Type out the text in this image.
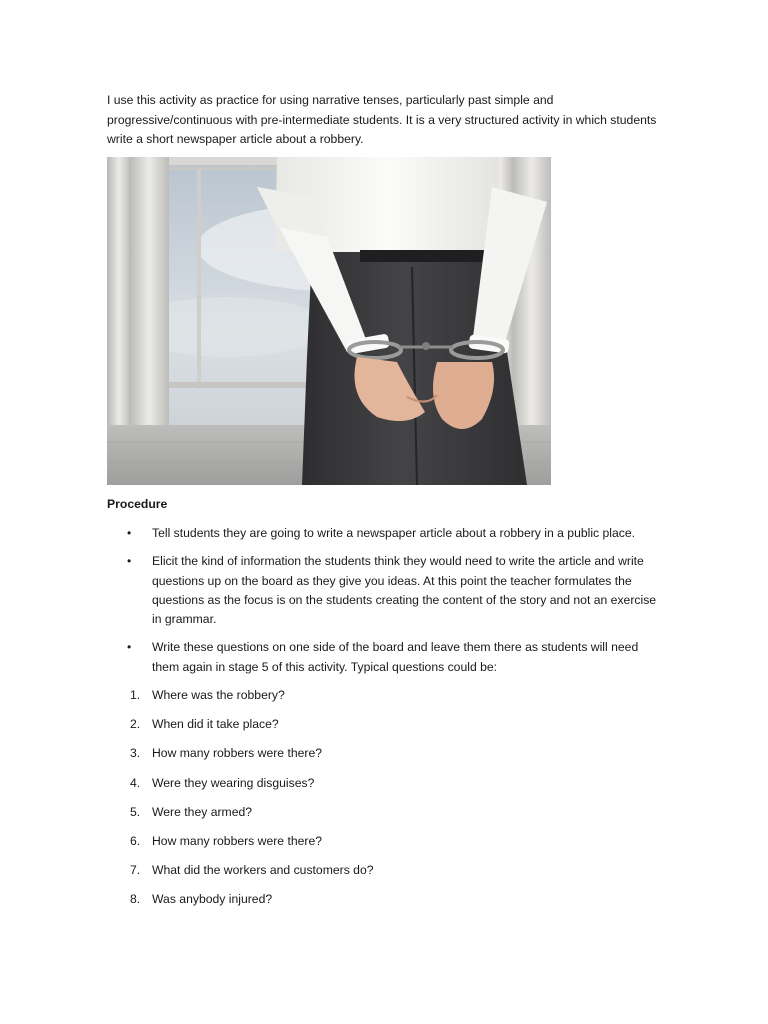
I use this activity as practice for using narrative tenses, particularly past simple and progressive/continuous with pre-intermediate students. It is a very structured activity in which students write a short newspaper article about a robbery.

Procedure

• Tell students they are going to write a newspaper article about a robbery in a public place.
• Elicit the kind of information the students think they would need to write the article and write questions up on the board as they give you ideas. At this point the teacher formulates the questions as the focus is on the students creating the content of the story and not an exercise in grammar.
• Write these questions on one side of the board and leave them there as students will need them again in stage 5 of this activity. Typical questions could be:
1. Where was the robbery?
2. When did it take place?
3. How many robbers were there?
4. Were they wearing disguises?
5. Were they armed?
6. How many robbers were there?
7. What did the workers and customers do?
8. Was anybody injured?
